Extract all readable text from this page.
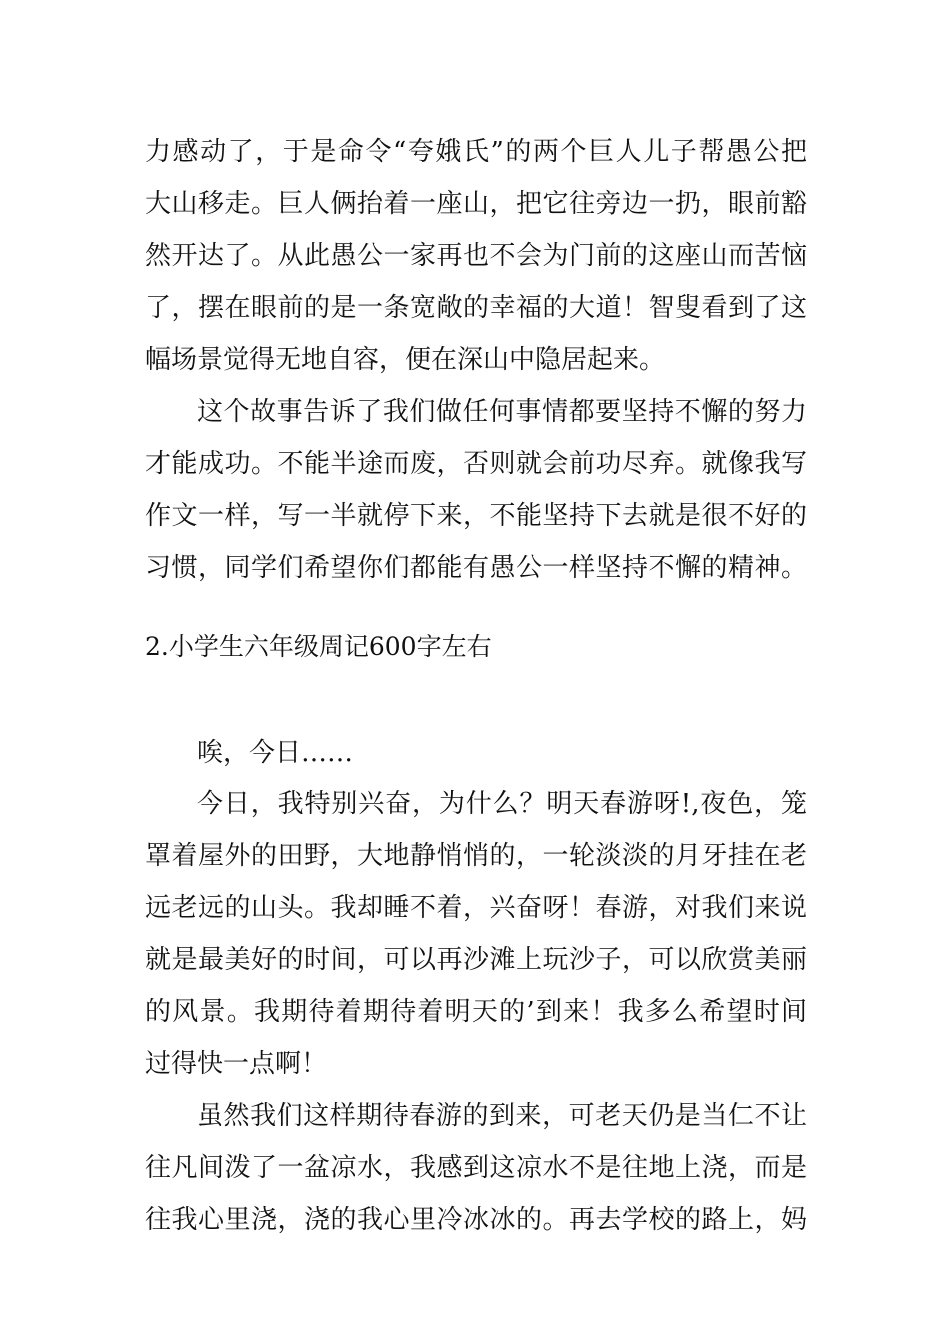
力感动了，于是命令“夸娥氏”的两个巨人儿子帮愚公把
大山移走。巨人俩抬着一座山，把它往旁边一扔，眼前豁
然开达了。从此愚公一家再也不会为门前的这座山而苦恼
了，摆在眼前的是一条宽敞的幸福的大道！智叟看到了这
幅场景觉得无地自容，便在深山中隐居起来。
这个故事告诉了我们做任何事情都要坚持不懈的努力
才能成功。不能半途而废，否则就会前功尽弃。就像我写
作文一样，写一半就停下来，不能坚持下去就是很不好的
习惯，同学们希望你们都能有愚公一样坚持不懈的精神。
2.小学生六年级周记600字左右
唉，今日……
今日，我特别兴奋，为什么？明天春游呀!,夜色，笼
罩着屋外的田野，大地静悄悄的，一轮淡淡的月牙挂在老
远老远的山头。我却睡不着，兴奋呀！春游，对我们来说
就是最美好的时间，可以再沙滩上玩沙子，可以欣赏美丽
的风景。我期待着期待着明天的’到来！我多么希望时间
过得快一点啊！
虽然我们这样期待春游的到来，可老天仍是当仁不让
往凡间泼了一盆凉水，我感到这凉水不是往地上浇，而是
往我心里浇，浇的我心里冷冰冰的。再去学校的路上，妈
